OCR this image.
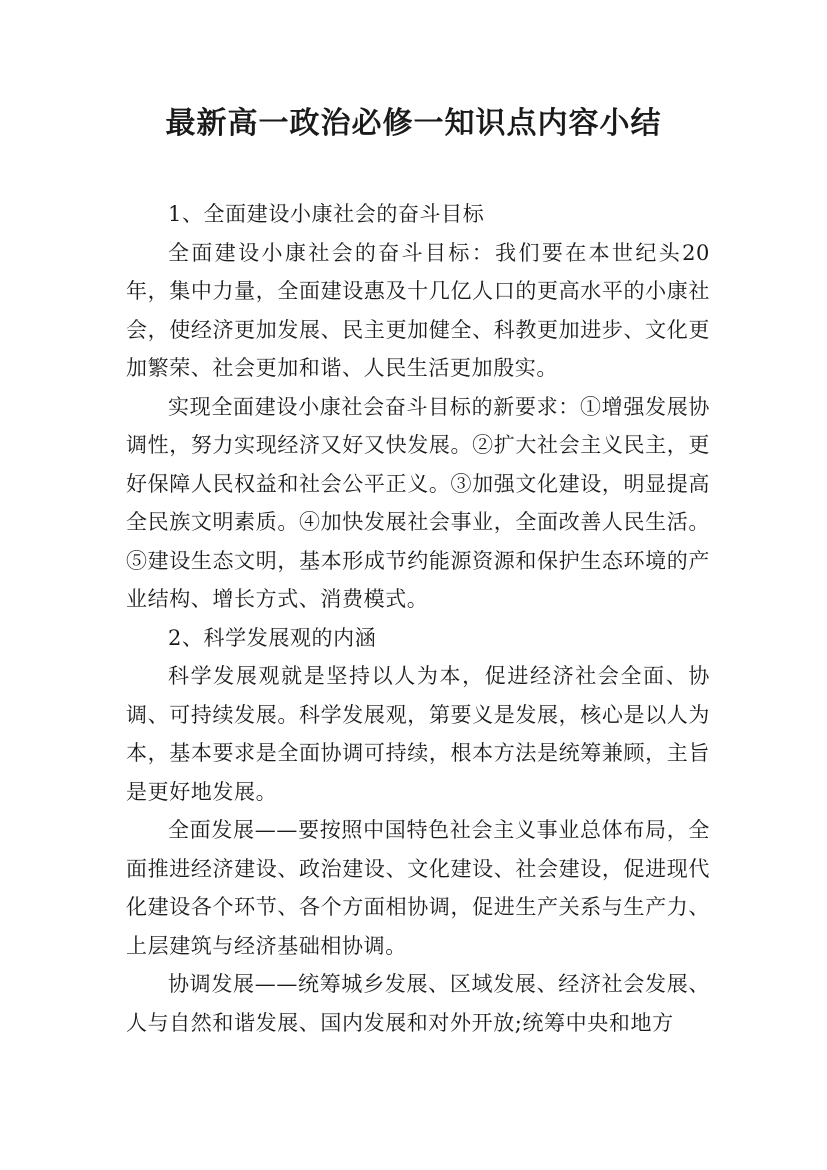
最新高一政治必修一知识点内容小结

1、全面建设小康社会的奋斗目标

全面建设小康社会的奋斗目标：我们要在本世纪头20年，集中力量，全面建设惠及十几亿人口的更高水平的小康社会，使经济更加发展、民主更加健全、科教更加进步、文化更加繁荣、社会更加和谐、人民生活更加殷实。

实现全面建设小康社会奋斗目标的新要求：①增强发展协调性，努力实现经济又好又快发展。②扩大社会主义民主，更好保障人民权益和社会公平正义。③加强文化建设，明显提高全民族文明素质。④加快发展社会事业，全面改善人民生活。⑤建设生态文明，基本形成节约能源资源和保护生态环境的产业结构、增长方式、消费模式。

2、科学发展观的内涵

科学发展观就是坚持以人为本，促进经济社会全面、协调、可持续发展。科学发展观，第要义是发展，核心是以人为本，基本要求是全面协调可持续，根本方法是统筹兼顾，主旨是更好地发展。

全面发展——要按照中国特色社会主义事业总体布局，全面推进经济建设、政治建设、文化建设、社会建设，促进现代化建设各个环节、各个方面相协调，促进生产关系与生产力、上层建筑与经济基础相协调。

协调发展——统筹城乡发展、区域发展、经济社会发展、人与自然和谐发展、国内发展和对外开放;统筹中央和地方
